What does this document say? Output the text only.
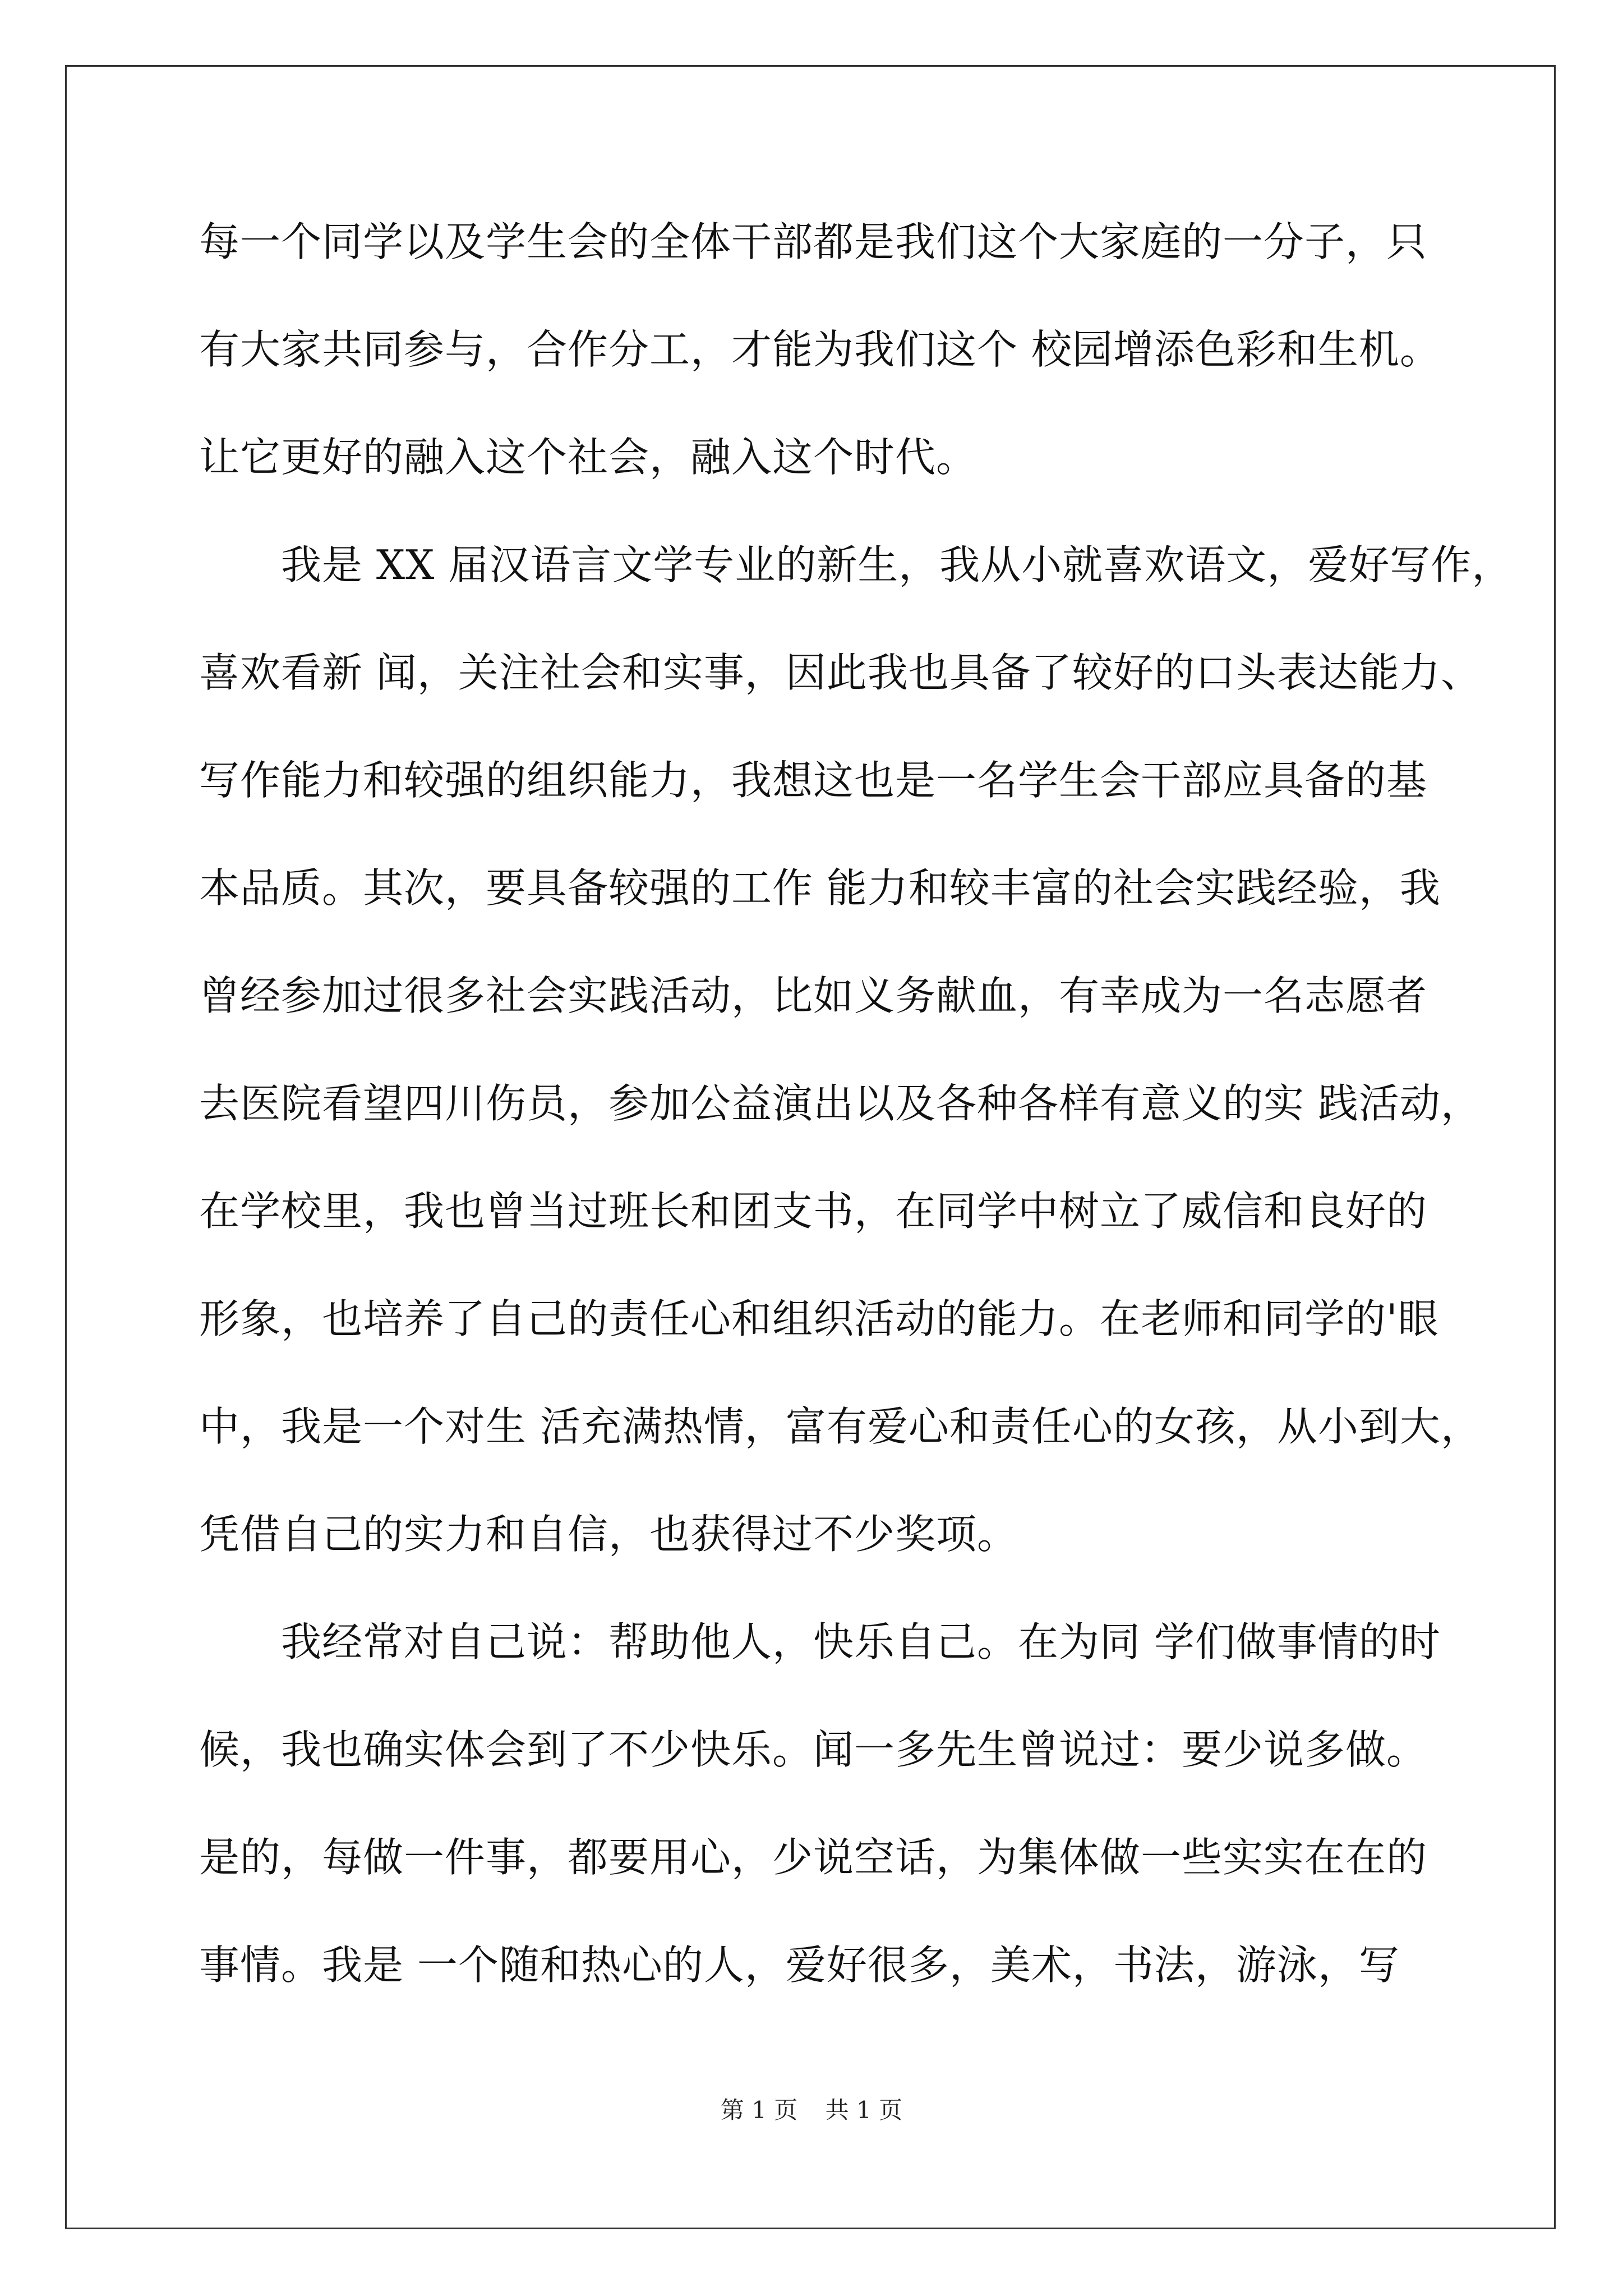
每一个同学以及学生会的全体干部都是我们这个大家庭的一分子，只
有大家共同参与，合作分工，才能为我们这个 校园增添色彩和生机。
让它更好的融入这个社会，融入这个时代。
　　我是 XX 届汉语言文学专业的新生，我从小就喜欢语文，爱好写作，
喜欢看新 闻，关注社会和实事，因此我也具备了较好的口头表达能力、
写作能力和较强的组织能力，我想这也是一名学生会干部应具备的基
本品质。其次，要具备较强的工作 能力和较丰富的社会实践经验，我
曾经参加过很多社会实践活动，比如义务献血，有幸成为一名志愿者
去医院看望四川伤员，参加公益演出以及各种各样有意义的实 践活动，
在学校里，我也曾当过班长和团支书，在同学中树立了威信和良好的
形象，也培养了自己的责任心和组织活动的能力。在老师和同学的'眼
中，我是一个对生 活充满热情，富有爱心和责任心的女孩，从小到大，
凭借自己的实力和自信，也获得过不少奖项。
　　我经常对自己说：帮助他人，快乐自己。在为同 学们做事情的时
候，我也确实体会到了不少快乐。闻一多先生曾说过：要少说多做。
是的，每做一件事，都要用心，少说空话，为集体做一些实实在在的
事情。我是 一个随和热心的人，爱好很多，美术，书法，游泳，写
第 1 页 共 1 页
